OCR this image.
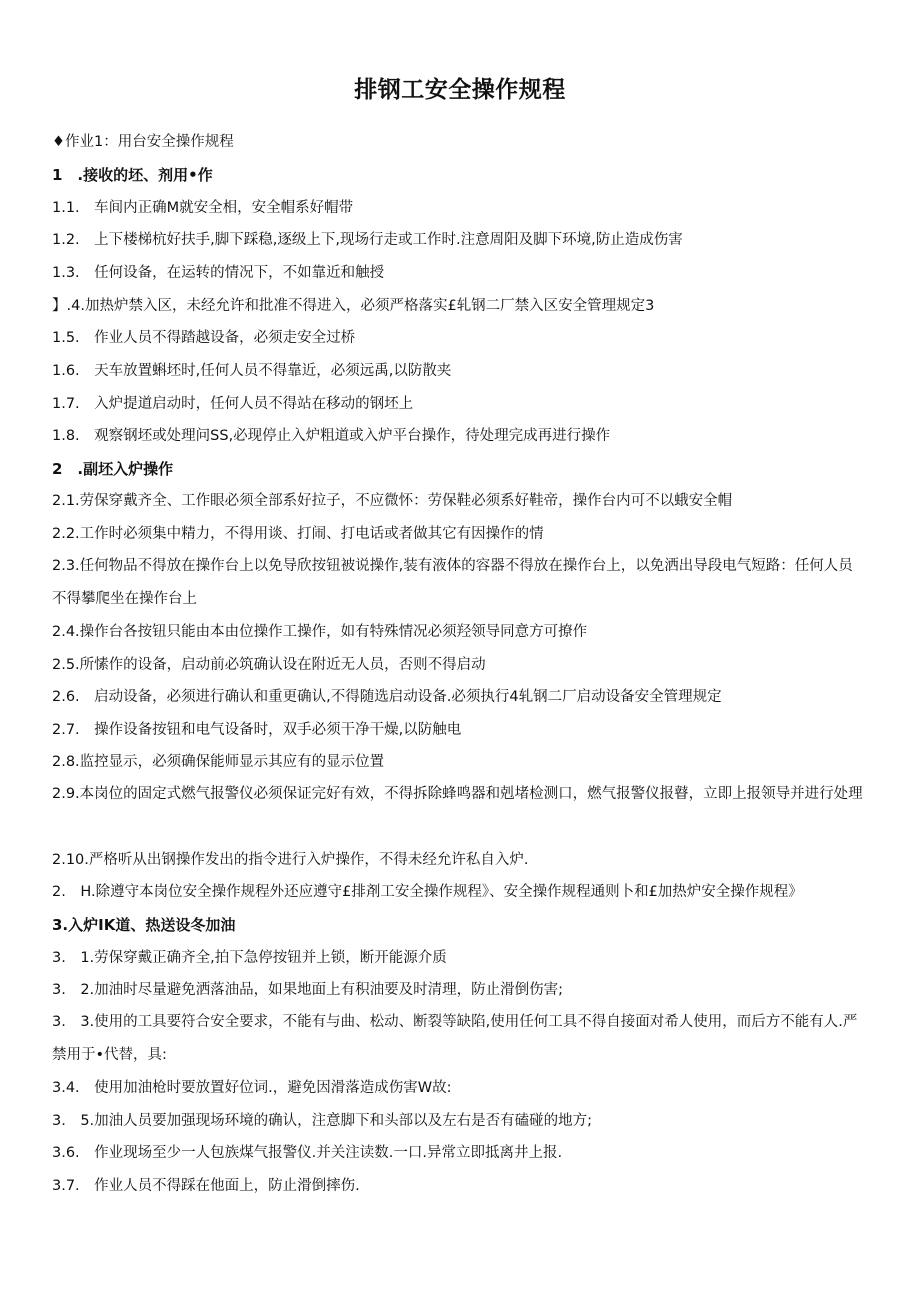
排钢工安全操作规程
♦作业1：用台安全操作规程
1　.接收的坯、剂用•作
1.1.　车间内正确M就安全相，安全帽系好帽带
1.2.　上下楼梯杭好扶手,脚下踩稳,逐级上下,现场行走或工作时.注意周阳及脚下环境,防止造成伤害
1.3.　任何设备，在运转的情况下，不如靠近和触授
】.4.加热炉禁入区，未经允许和批准不得进入，必须严格落实£轧钢二厂禁入区安全管理规定3
1.5.　作业人员不得踏越设备，必须走安全过桥
1.6.　天车放置蝌坯时,任何人员不得靠近，必须远禹,以防散夹
1.7.　入炉提道启动时，任何人员不得站在移动的钢坯上
1.8.　观察钢坯或处理问SS,必现停止入炉粗道或入炉平台操作，待处理完成再进行操作
2　.副坯入炉操作
2.1.劳保穿戴齐全、工作眼必须全部系好拉子，不应微怀：劳保鞋必须系好鞋帝，操作台内可不以蛾安全帽
2.2.工作时必须集中精力，不得用谈、打闹、打电话或者做其它有因操作的情
2.3.任何物品不得放在操作台上以免导欣按钮被说操作,装有液体的容器不得放在操作台上，以免洒出导段电气短路：任何人员不得攀爬坐在操作台上
2.4.操作台各按钮只能由本由位操作工操作，如有特殊情况必须羟领导同意方可撩作
2.5.所愫作的设备，启动前必筑确认设在附近无人员，否则不得启动
2.6.　启动设备，必须进行确认和重更确认,不得随选启动设备.必须执行4轧钢二厂启动设备安全管理规定
2.7.　操作设备按钮和电气设备时，双手必须干净干燥,以防触电
2.8.监控显示，必须确保能师显示其应有的显示位置
2.9.本岗位的固定式燃气报警仪必须保证完好有效，不得拆除蜂鸣器和剋堵检测口，燃气报警仪报瞽，立即上报领导并进行处理
2.10.严格听从出钢操作发出的指令进行入炉操作，不得未经允许私自入炉.
2.　H.除遵守本岗位安全操作规程外还应遵守£排剤工安全操作规程》、安全操作规程通则卜和£加热炉安全操作规程》
3.入炉IK道、热送设冬加油
3.　1.劳保穿戴正确齐全,拍下急停按钮并上锁，断开能源介质
3.　2.加油时尽量避免洒落油品，如果地面上有积油要及时清理，防止滑倒伤害;
3.　3.使用的工具要符合安全要求，不能有与曲、松动、断裂等缺陷,使用任何工具不得自接面对希人使用，而后方不能有人.严禁用于•代替，具:
3.4.　使用加油枪时要放置好位词.，避免因滑落造成伤害W故:
3.　5.加油人员要加强现场环境的确认，注意脚下和头部以及左右是否有磕碰的地方;
3.6.　作业现场至少一人包族煤气报警仪.并关注读数.一口.异常立即抵离井上报.
3.7.　作业人员不得踩在他面上，防止滑倒摔伤.
